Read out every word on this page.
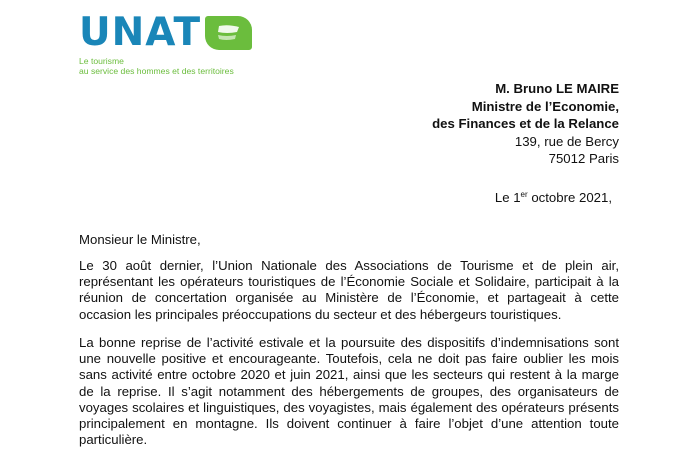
UNAT
Le tourisme
au service des hommes et des territoires
M. Bruno LE MAIRE
Ministre de l’Economie,
des Finances et de la Relance
139, rue de Bercy
75012 Paris
Le 1er octobre 2021,
Monsieur le Ministre,

Le 30 août dernier, l’Union Nationale des Associations de Tourisme et de plein air, représentant les opérateurs touristiques de l’Économie Sociale et Solidaire, participait à la réunion de concertation organisée au Ministère de l’Économie, et partageait à cette occasion les principales préoccupations du secteur et des hébergeurs touristiques.

La bonne reprise de l’activité estivale et la poursuite des dispositifs d’indemnisations sont une nouvelle positive et encourageante. Toutefois, cela ne doit pas faire oublier les mois sans activité entre octobre 2020 et juin 2021, ainsi que les secteurs qui restent à la marge de la reprise. Il s’agit notamment des hébergements de groupes, des organisateurs de voyages scolaires et linguistiques, des voyagistes, mais également des opérateurs présents principalement en montagne. Ils doivent continuer à faire l’objet d’une attention toute particulière.
